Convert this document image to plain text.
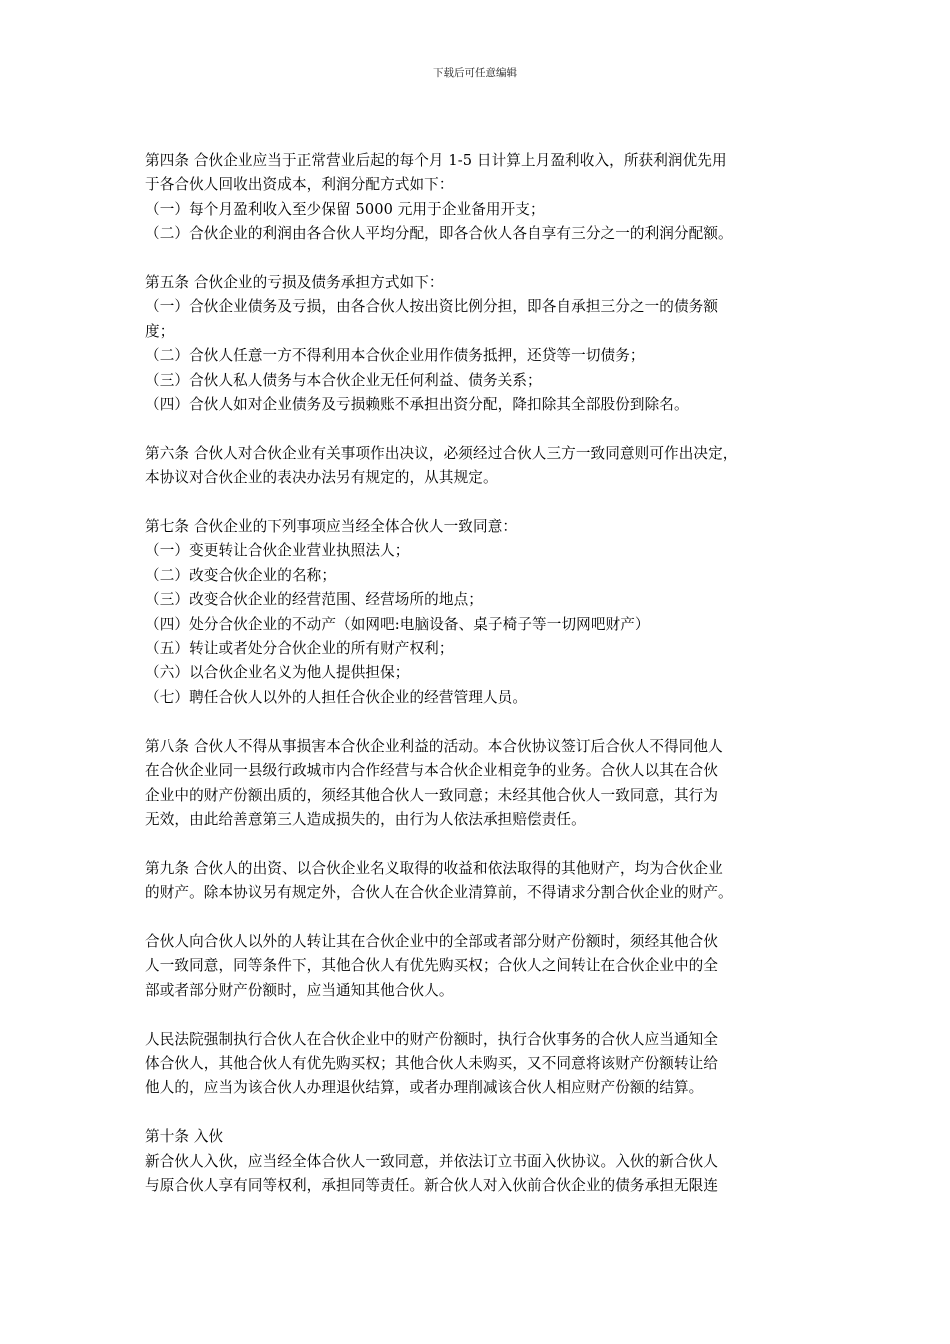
下载后可任意编辑
第四条 合伙企业应当于正常营业后起的每个月 1-5 日计算上月盈利收入，所获利润优先用
于各合伙人回收出资成本，利润分配方式如下：
（一）每个月盈利收入至少保留 5000 元用于企业备用开支；
（二）合伙企业的利润由各合伙人平均分配，即各合伙人各自享有三分之一的利润分配额。
第五条 合伙企业的亏损及债务承担方式如下：
（一）合伙企业债务及亏损，由各合伙人按出资比例分担，即各自承担三分之一的债务额
度；
（二）合伙人任意一方不得利用本合伙企业用作债务抵押，还贷等一切债务；
（三）合伙人私人债务与本合伙企业无任何利益、债务关系；
（四）合伙人如对企业债务及亏损赖账不承担出资分配，降扣除其全部股份到除名。
第六条 合伙人对合伙企业有关事项作出决议，必须经过合伙人三方一致同意则可作出决定，
本协议对合伙企业的表决办法另有规定的，从其规定。
第七条 合伙企业的下列事项应当经全体合伙人一致同意：
（一）变更转让合伙企业营业执照法人；
（二）改变合伙企业的名称；
（三）改变合伙企业的经营范围、经营场所的地点；
（四）处分合伙企业的不动产（如网吧:电脑设备、桌子椅子等一切网吧财产）
（五）转让或者处分合伙企业的所有财产权利；
（六）以合伙企业名义为他人提供担保；
（七）聘任合伙人以外的人担任合伙企业的经营管理人员。
第八条 合伙人不得从事损害本合伙企业利益的活动。本合伙协议签订后合伙人不得同他人
在合伙企业同一县级行政城市内合作经营与本合伙企业相竞争的业务。合伙人以其在合伙
企业中的财产份额出质的，须经其他合伙人一致同意；未经其他合伙人一致同意，其行为
无效，由此给善意第三人造成损失的，由行为人依法承担赔偿责任。
第九条 合伙人的出资、以合伙企业名义取得的收益和依法取得的其他财产，均为合伙企业
的财产。除本协议另有规定外，合伙人在合伙企业清算前，不得请求分割合伙企业的财产。
合伙人向合伙人以外的人转让其在合伙企业中的全部或者部分财产份额时，须经其他合伙
人一致同意，同等条件下，其他合伙人有优先购买权；合伙人之间转让在合伙企业中的全
部或者部分财产份额时，应当通知其他合伙人。
人民法院强制执行合伙人在合伙企业中的财产份额时，执行合伙事务的合伙人应当通知全
体合伙人，其他合伙人有优先购买权；其他合伙人未购买，又不同意将该财产份额转让给
他人的，应当为该合伙人办理退伙结算，或者办理削减该合伙人相应财产份额的结算。
第十条 入伙
新合伙人入伙，应当经全体合伙人一致同意，并依法订立书面入伙协议。入伙的新合伙人
与原合伙人享有同等权利，承担同等责任。新合伙人对入伙前合伙企业的债务承担无限连
